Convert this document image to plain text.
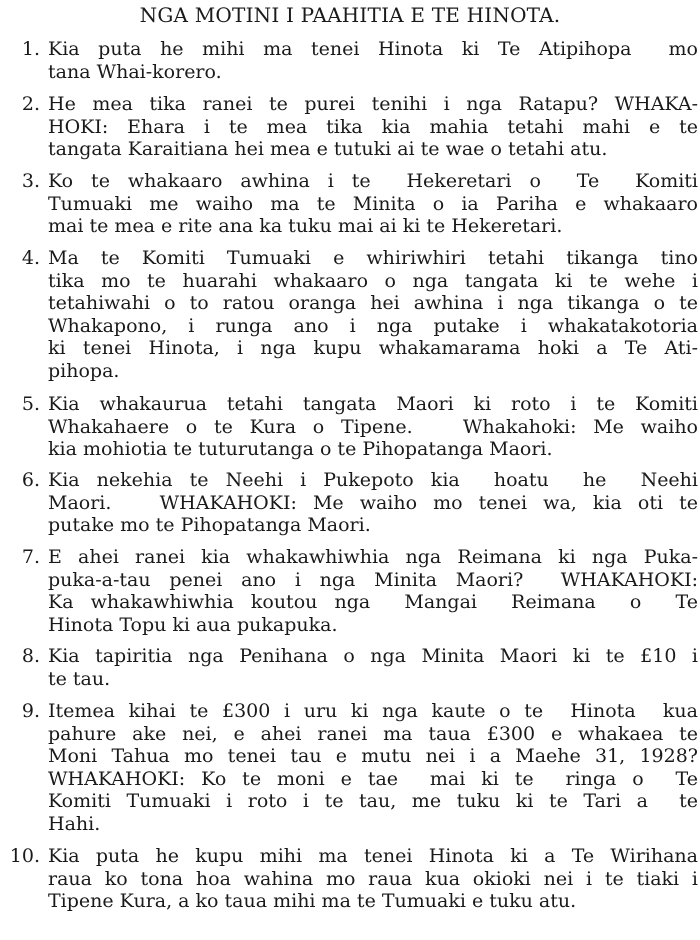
NGA MOTINI I PAAHITIA E TE HINOTA.
1. Kia puta he mihi ma tenei Hinota ki Te Atipihopa  mo
tana Whai-korero.
2. He mea tika ranei te purei tenihi i nga Ratapu? WHAKA-
HOKI: Ehara i te mea tika kia mahia tetahi mahi e te
tangata Karaitiana hei mea e tutuki ai te wae o tetahi atu.
3. Ko te whakaaro awhina i te  Hekeretari o  Te  Komiti
Tumuaki me waiho ma te Minita o ia Pariha e whakaaro
mai te mea e rite ana ka tuku mai ai ki te Hekeretari.
4. Ma te Komiti Tumuaki e whiriwhiri tetahi tikanga tino
tika mo te huarahi whakaaro o nga tangata ki te wehe i
tetahiwahi o to ratou oranga hei awhina i nga tikanga o te
Whakapono, i runga ano i nga putake i whakatakotoria
ki tenei Hinota, i nga kupu whakamarama hoki a Te Ati-
pihopa.
5. Kia whakaurua tetahi tangata Maori ki roto i te Komiti
Whakahaere o te Kura o Tipene.   Whakahoki: Me waiho
kia mohiotia te tuturutanga o te Pihopatanga Maori.
6. Kia nekehia te Neehi i Pukepoto kia  hoatu  he  Neehi
Maori.   WHAKAHOKI: Me waiho mo tenei wa, kia oti te
putake mo te Pihopatanga Maori.
7. E ahei ranei kia whakawhiwhia nga Reimana ki nga Puka-
puka-a-tau penei ano i nga Minita Maori?  WHAKAHOKI:
Ka whakawhiwhia koutou nga  Mangai  Reimana  o  Te
Hinota Topu ki aua pukapuka.
8. Kia tapiritia nga Penihana o nga Minita Maori ki te £10 i
te tau.
9. Itemea kihai te £300 i uru ki nga kaute o te  Hinota  kua
pahure ake nei, e ahei ranei ma taua £300 e whakaea te
Moni Tahua mo tenei tau e mutu nei i a Maehe 31, 1928?
WHAKAHOKI: Ko te moni e tae  mai ki te  ringa o  Te
Komiti Tumuaki i roto i te tau, me tuku ki te Tari a  te
Hahi.
10. Kia puta he kupu mihi ma tenei Hinota ki a Te Wirihana
raua ko tona hoa wahina mo raua kua okioki nei i te tiaki i
Tipene Kura, a ko taua mihi ma te Tumuaki e tuku atu.
